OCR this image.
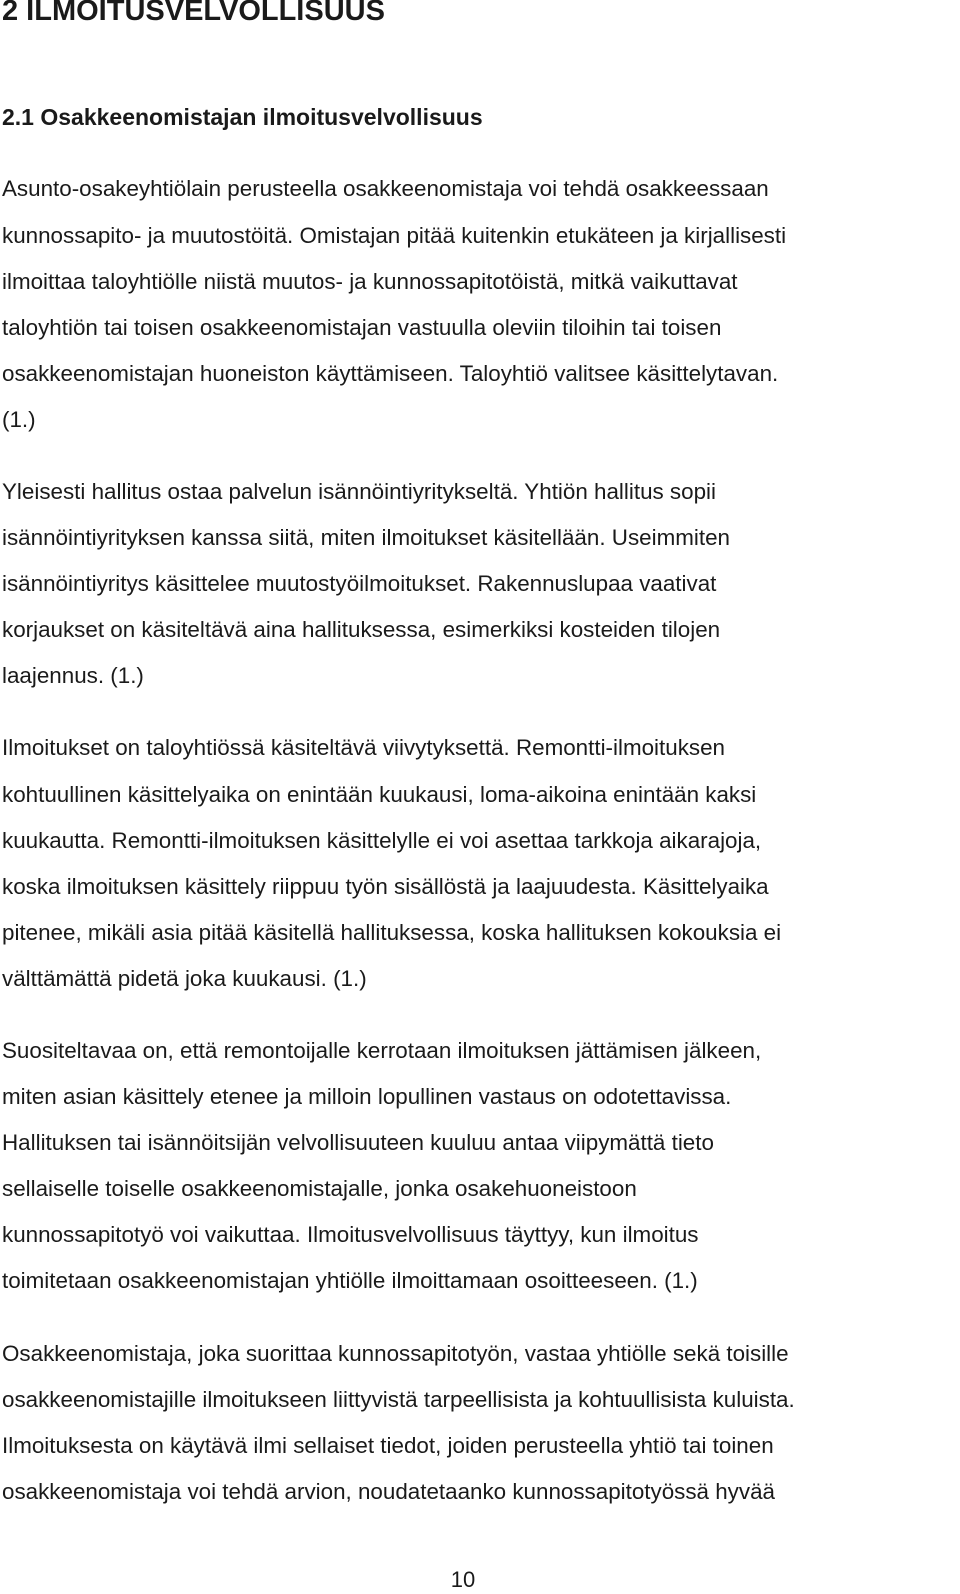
2 ILMOITUSVELVOLLISUUS
2.1 Osakkeenomistajan ilmoitusvelvollisuus

Asunto-osakeyhtiölain perusteella osakkeenomistaja voi tehdä osakkeessaan

kunnossapito- ja muutostöitä. Omistajan pitää kuitenkin etukäteen ja kirjallisesti

ilmoittaa taloyhtiölle niistä muutos- ja kunnossapitotöistä, mitkä vaikuttavat

taloyhtiön tai toisen osakkeenomistajan vastuulla oleviin tiloihin tai toisen

osakkeenomistajan huoneiston käyttämiseen. Taloyhtiö valitsee käsittelytavan.

(1.)

Yleisesti hallitus ostaa palvelun isännöintiyritykseltä. Yhtiön hallitus sopii

isännöintiyrityksen kanssa siitä, miten ilmoitukset käsitellään. Useimmiten

isännöintiyritys käsittelee muutostyöilmoitukset. Rakennuslupaa vaativat

korjaukset on käsiteltävä aina hallituksessa, esimerkiksi kosteiden tilojen

laajennus. (1.)

Ilmoitukset on taloyhtiössä käsiteltävä viivytyksettä. Remontti-ilmoituksen

kohtuullinen käsittelyaika on enintään kuukausi, loma-aikoina enintään kaksi

kuukautta. Remontti-ilmoituksen käsittelylle ei voi asettaa tarkkoja aikarajoja,

koska ilmoituksen käsittely riippuu työn sisällöstä ja laajuudesta. Käsittelyaika

pitenee, mikäli asia pitää käsitellä hallituksessa, koska hallituksen kokouksia ei

välttämättä pidetä joka kuukausi. (1.)

Suositeltavaa on, että remontoijalle kerrotaan ilmoituksen jättämisen jälkeen,

miten asian käsittely etenee ja milloin lopullinen vastaus on odotettavissa.

Hallituksen tai isännöitsijän velvollisuuteen kuuluu antaa viipymättä tieto

sellaiselle toiselle osakkeenomistajalle, jonka osakehuoneistoon

kunnossapitotyö voi vaikuttaa. Ilmoitusvelvollisuus täyttyy, kun ilmoitus

toimitetaan osakkeenomistajan yhtiölle ilmoittamaan osoitteeseen. (1.)

Osakkeenomistaja, joka suorittaa kunnossapitotyön, vastaa yhtiölle sekä toisille

osakkeenomistajille ilmoitukseen liittyvistä tarpeellisista ja kohtuullisista kuluista.

Ilmoituksesta on käytävä ilmi sellaiset tiedot, joiden perusteella yhtiö tai toinen

osakkeenomistaja voi tehdä arvion, noudatetaanko kunnossapitotyössä hyvää

10
